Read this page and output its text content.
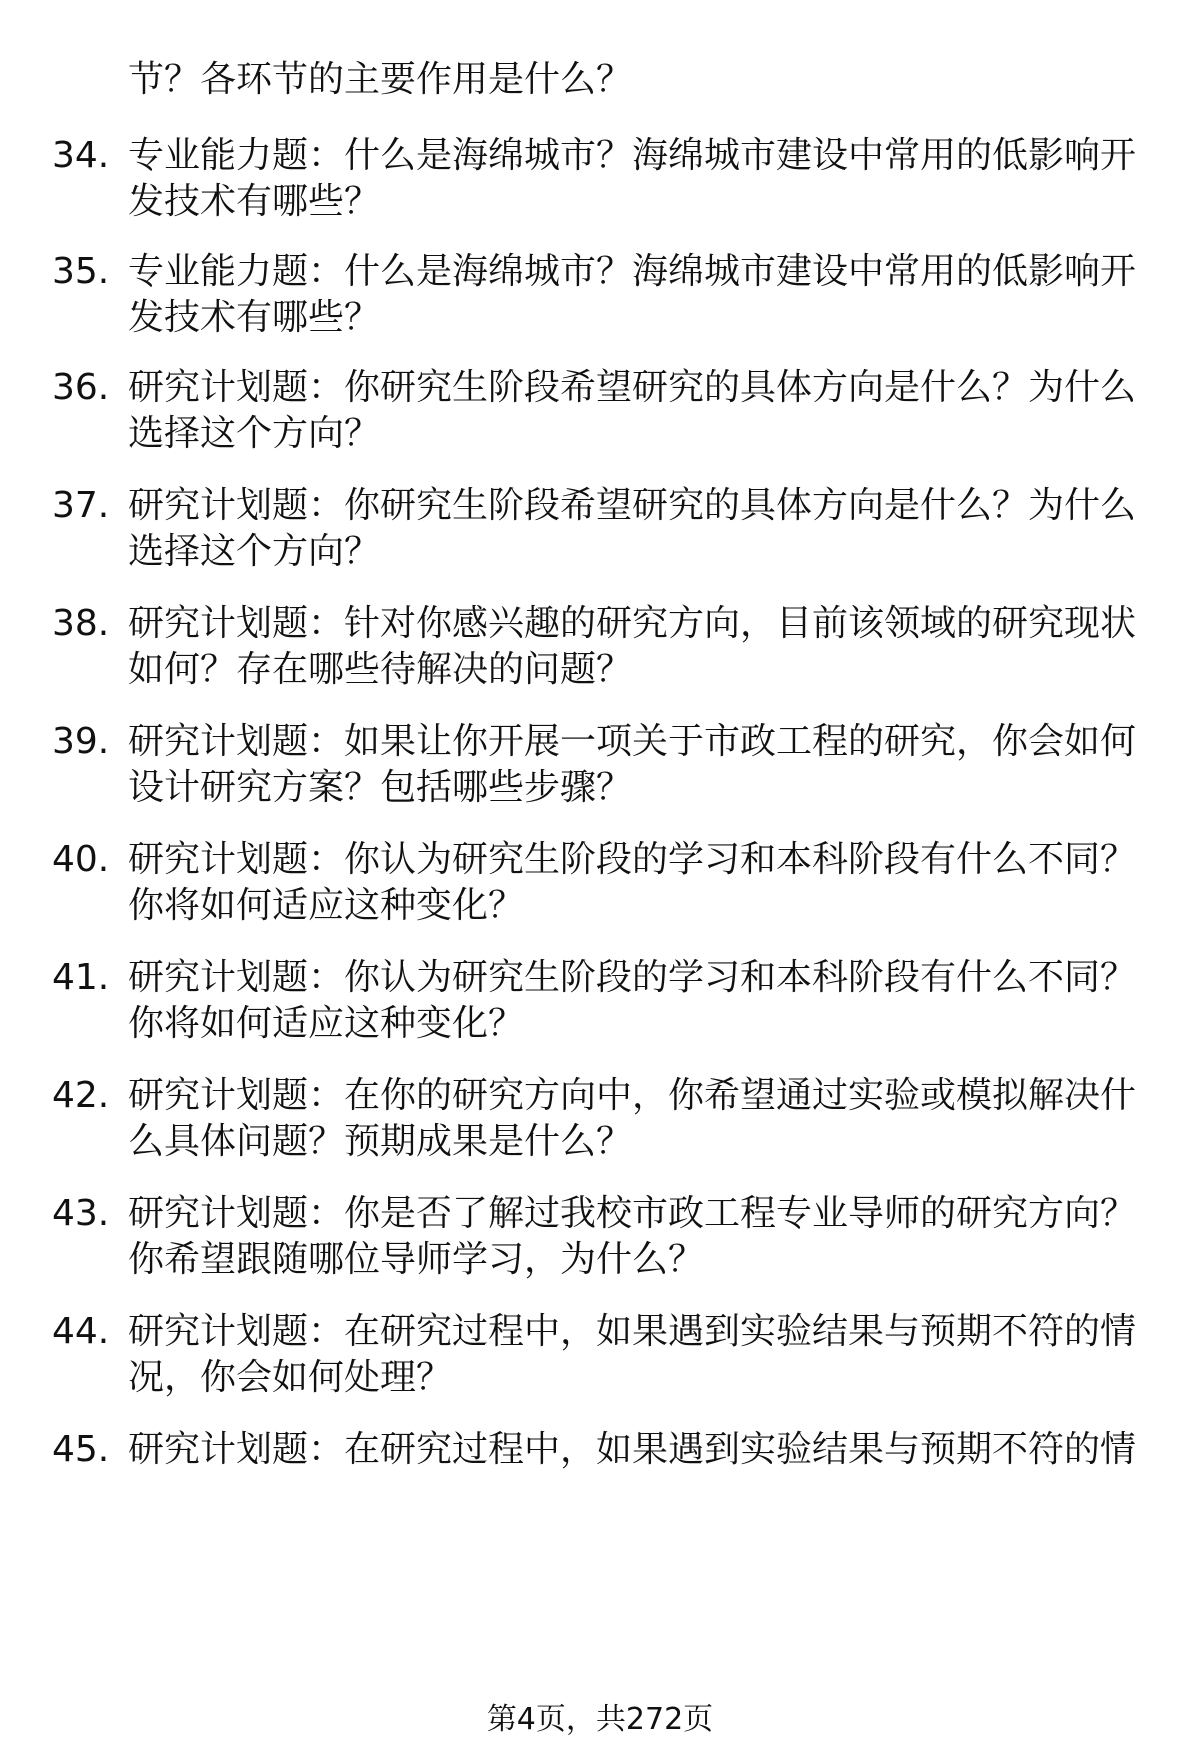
节？各环节的主要作用是什么？
34. 专业能力题：什么是海绵城市？海绵城市建设中常用的低影响开
发技术有哪些？
35. 专业能力题：什么是海绵城市？海绵城市建设中常用的低影响开
发技术有哪些？
36. 研究计划题：你研究生阶段希望研究的具体方向是什么？为什么
选择这个方向？
37. 研究计划题：你研究生阶段希望研究的具体方向是什么？为什么
选择这个方向？
38. 研究计划题：针对你感兴趣的研究方向，目前该领域的研究现状
如何？存在哪些待解决的问题？
39. 研究计划题：如果让你开展一项关于市政工程的研究，你会如何
设计研究方案？包括哪些步骤？
40. 研究计划题：你认为研究生阶段的学习和本科阶段有什么不同？
你将如何适应这种变化？
41. 研究计划题：你认为研究生阶段的学习和本科阶段有什么不同？
你将如何适应这种变化？
42. 研究计划题：在你的研究方向中，你希望通过实验或模拟解决什
么具体问题？预期成果是什么？
43. 研究计划题：你是否了解过我校市政工程专业导师的研究方向？
你希望跟随哪位导师学习，为什么？
44. 研究计划题：在研究过程中，如果遇到实验结果与预期不符的情
况，你会如何处理？
45. 研究计划题：在研究过程中，如果遇到实验结果与预期不符的情
第4页，共272页
